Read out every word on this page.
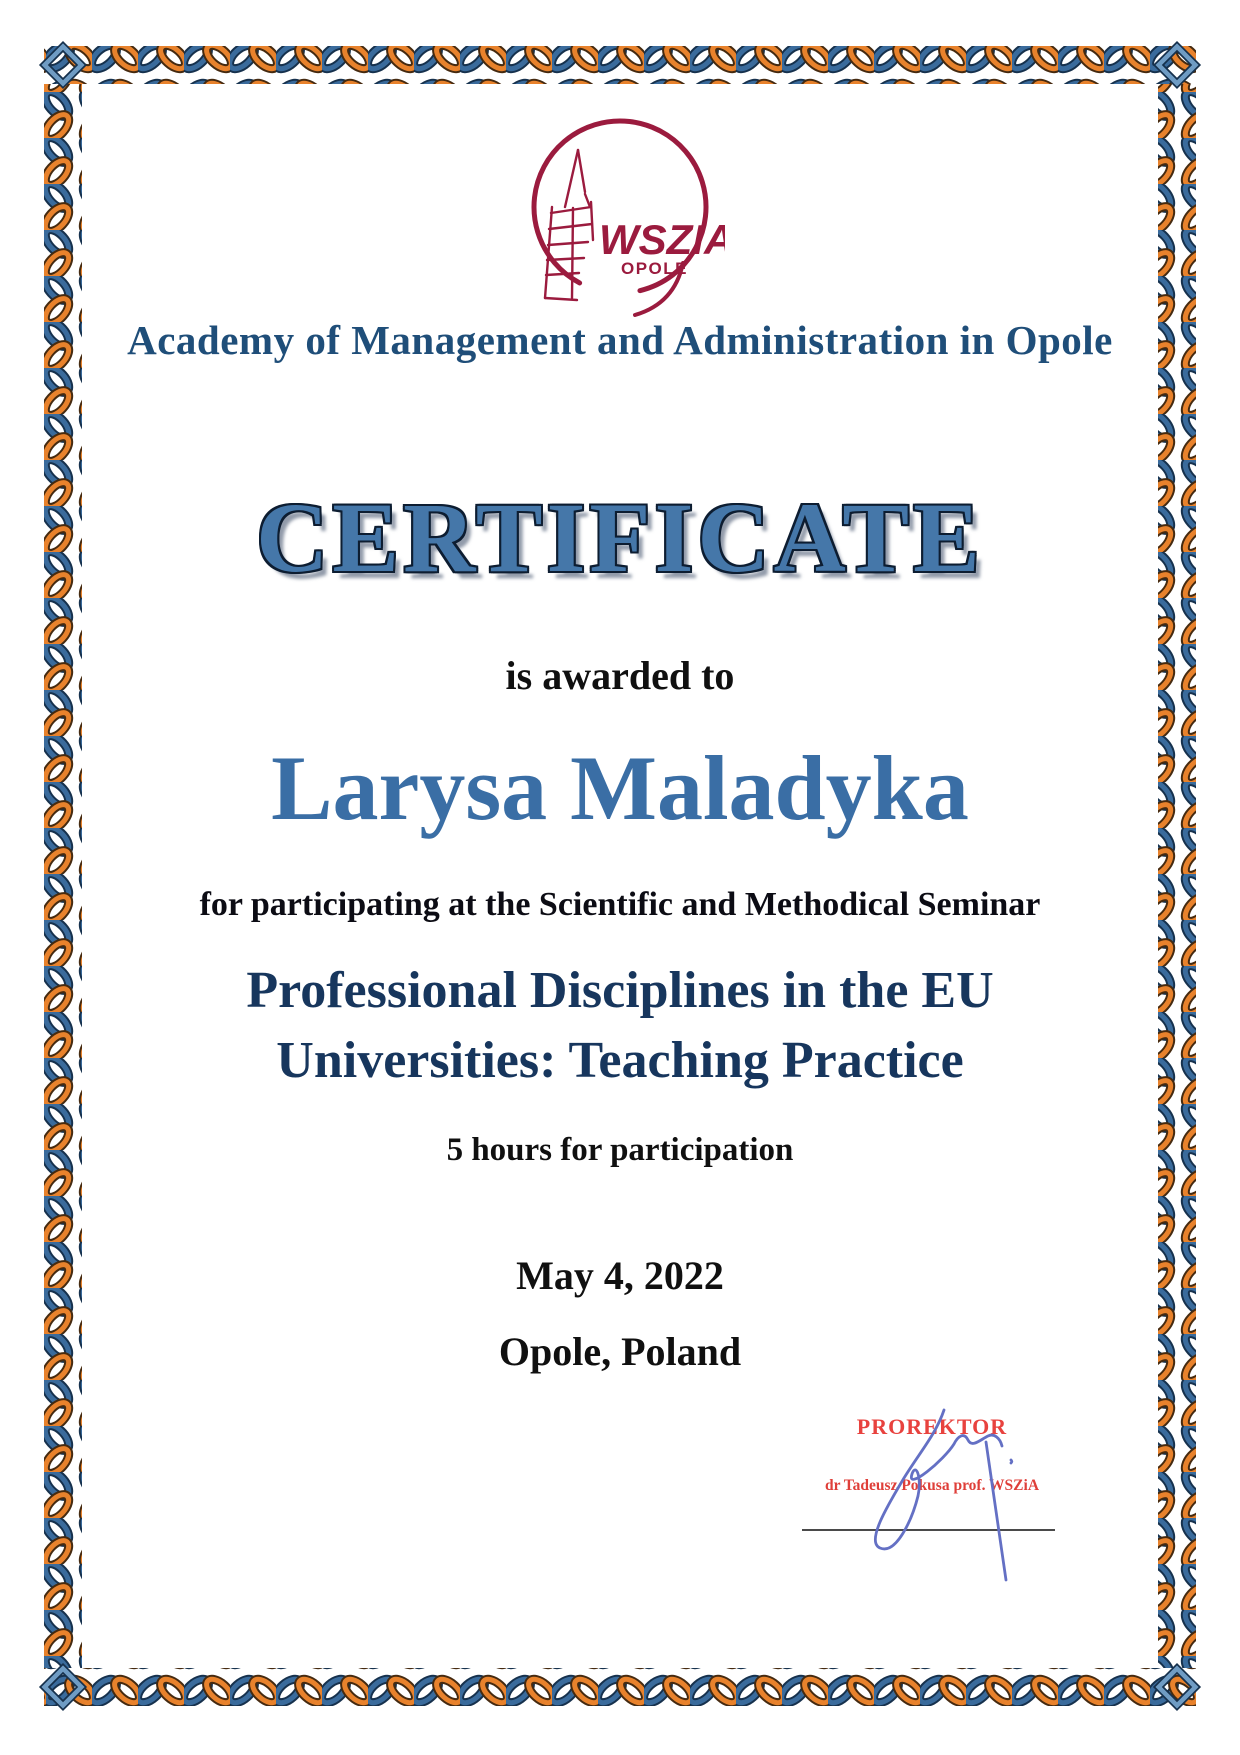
WSZIA
OPOLE
Academy of Management and Administration in Opole
CERTIFICATE
is awarded to
Larysa Maladyka
for participating at the Scientific and Methodical Seminar
Professional Disciplines in the EU
Universities: Teaching Practice
5 hours for participation
May 4, 2022
Opole, Poland
PROREKTOR
dr Tadeusz Pokusa prof. WSZiA
